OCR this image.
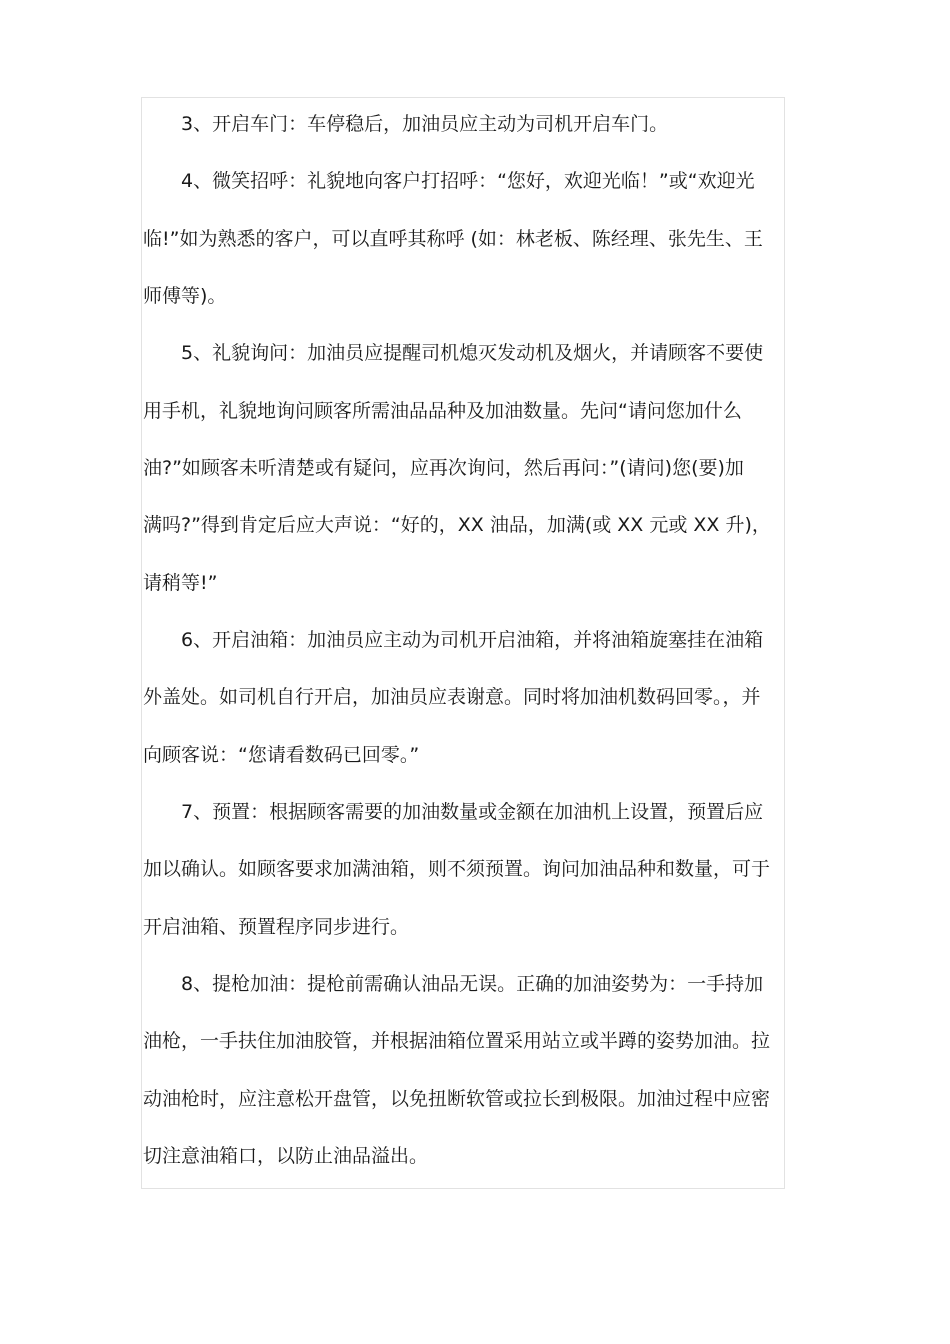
3、开启车门：车停稳后，加油员应主动为司机开启车门。
4、微笑招呼：礼貌地向客户打招呼：“您好，欢迎光临！”或“欢迎光
临!”如为熟悉的客户，可以直呼其称呼 (如：林老板、陈经理、张先生、王
师傅等)。
5、礼貌询问：加油员应提醒司机熄灭发动机及烟火，并请顾客不要使
用手机，礼貌地询问顾客所需油品品种及加油数量。先问“请问您加什么
油?”如顾客未听清楚或有疑问，应再次询问，然后再问：”(请问)您(要)加
满吗?”得到肯定后应大声说：“好的，XX 油品，加满(或 XX 元或 XX 升)，
请稍等!”
6、开启油箱：加油员应主动为司机开启油箱，并将油箱旋塞挂在油箱
外盖处。如司机自行开启，加油员应表谢意。同时将加油机数码回零。，并
向顾客说：“您请看数码已回零。”
7、预置：根据顾客需要的加油数量或金额在加油机上设置，预置后应
加以确认。如顾客要求加满油箱，则不须预置。询问加油品种和数量，可于
开启油箱、预置程序同步进行。
8、提枪加油：提枪前需确认油品无误。正确的加油姿势为：一手持加
油枪，一手扶住加油胶管，并根据油箱位置采用站立或半蹲的姿势加油。拉
动油枪时，应注意松开盘管，以免扭断软管或拉长到极限。加油过程中应密
切注意油箱口，以防止油品溢出。
